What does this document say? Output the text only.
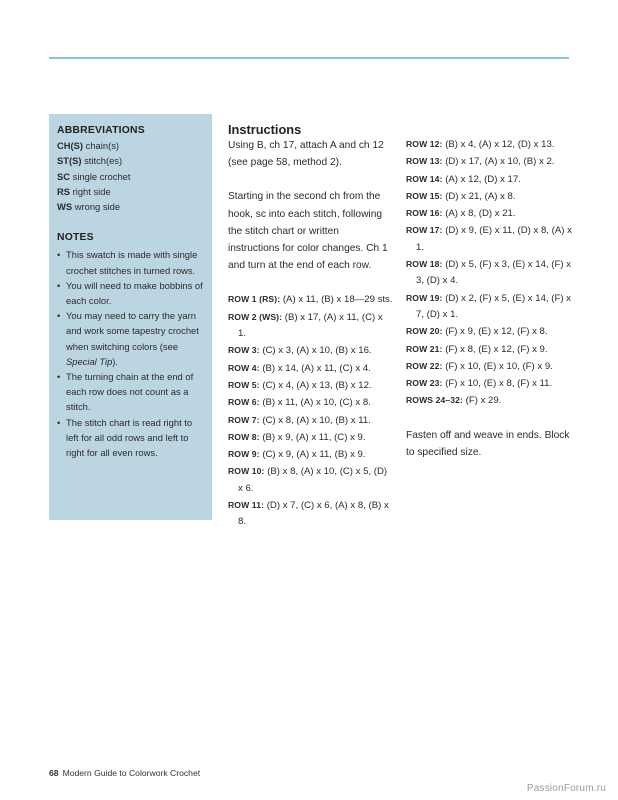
ABBREVIATIONS

CH(S) chain(s)

ST(S) stitch(es)

SC single crochet

RS right side

WS wrong side

NOTES

• This swatch is made with single crochet stitches in turned rows.
• You will need to make bobbins of each color.
• You may need to carry the yarn and work some tapestry crochet when switching colors (see Special Tip).
• The turning chain at the end of each row does not count as a stitch.
• The stitch chart is read right to left for all odd rows and left to right for all even rows.

Instructions

Using B, ch 17, attach A and ch 12 (see page 58, method 2).

Starting in the second ch from the hook, sc into each stitch, following the stitch chart or written instructions for color changes. Ch 1 and turn at the end of each row.

ROW 1 (RS): (A) x 11, (B) x 18—29 sts.

ROW 2 (WS): (B) x 17, (A) x 11, (C) x 1.

ROW 3: (C) x 3, (A) x 10, (B) x 16.

ROW 4: (B) x 14, (A) x 11, (C) x 4.

ROW 5: (C) x 4, (A) x 13, (B) x 12.

ROW 6: (B) x 11, (A) x 10, (C) x 8.

ROW 7: (C) x 8, (A) x 10, (B) x 11.

ROW 8: (B) x 9, (A) x 11, (C) x 9.

ROW 9: (C) x 9, (A) x 11, (B) x 9.

ROW 10: (B) x 8, (A) x 10, (C) x 5, (D) x 6.

ROW 11: (D) x 7, (C) x 6, (A) x 8, (B) x 8.

ROW 12: (B) x 4, (A) x 12, (D) x 13.

ROW 13: (D) x 17, (A) x 10, (B) x 2.

ROW 14: (A) x 12, (D) x 17.

ROW 15: (D) x 21, (A) x 8.

ROW 16: (A) x 8, (D) x 21.

ROW 17: (D) x 9, (E) x 11, (D) x 8, (A) x 1.

ROW 18: (D) x 5, (F) x 3, (E) x 14, (F) x 3, (D) x 4.

ROW 19: (D) x 2, (F) x 5, (E) x 14, (F) x 7, (D) x 1.

ROW 20: (F) x 9, (E) x 12, (F) x 8.

ROW 21: (F) x 8, (E) x 12, (F) x 9.

ROW 22: (F) x 10, (E) x 10, (F) x 9.

ROW 23: (F) x 10, (E) x 8, (F) x 11.

ROWS 24–32: (F) x 29.

Fasten off and weave in ends. Block to specified size.

68 Modern Guide to Colorwork Crochet
PassionForum.ru
